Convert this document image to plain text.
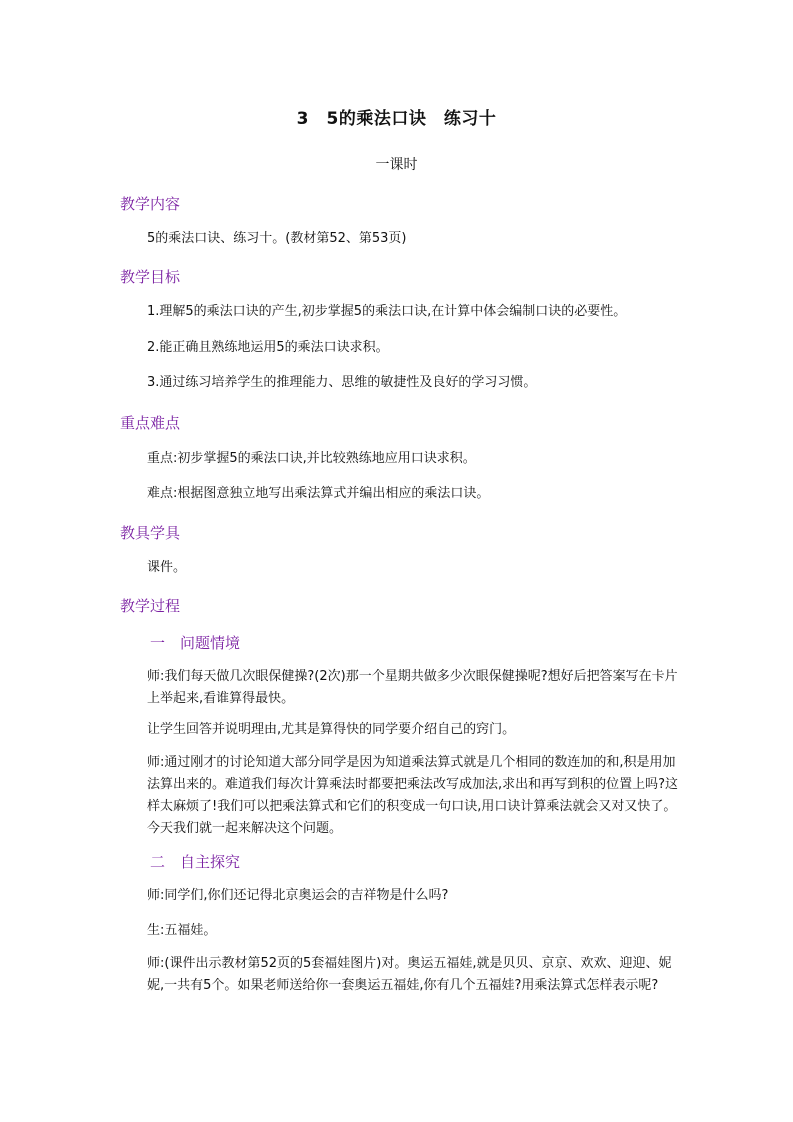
3　5的乘法口诀　练习十

一课时

教学内容

5的乘法口诀、练习十。(教材第52、第53页)

教学目标

1.理解5的乘法口诀的产生,初步掌握5的乘法口诀,在计算中体会编制口诀的必要性。

2.能正确且熟练地运用5的乘法口诀求积。

3.通过练习培养学生的推理能力、思维的敏捷性及良好的学习习惯。

重点难点

重点:初步掌握5的乘法口诀,并比较熟练地应用口诀求积。

难点:根据图意独立地写出乘法算式并编出相应的乘法口诀。

教具学具

课件。

教学过程
一　问题情境

师:我们每天做几次眼保健操?(2次)那一个星期共做多少次眼保健操呢?想好后把答案写在卡片上举起来,看谁算得最快。

让学生回答并说明理由,尤其是算得快的同学要介绍自己的窍门。

师:通过刚才的讨论知道大部分同学是因为知道乘法算式就是几个相同的数连加的和,积是用加法算出来的。难道我们每次计算乘法时都要把乘法改写成加法,求出和再写到积的位置上吗?这样太麻烦了!我们可以把乘法算式和它们的积变成一句口诀,用口诀计算乘法就会又对又快了。今天我们就一起来解决这个问题。

二　自主探究

师:同学们,你们还记得北京奥运会的吉祥物是什么吗?

生:五福娃。

师:(课件出示教材第52页的5套福娃图片)对。奥运五福娃,就是贝贝、京京、欢欢、迎迎、妮妮,一共有5个。如果老师送给你一套奥运五福娃,你有几个五福娃?用乘法算式怎样表示呢?
